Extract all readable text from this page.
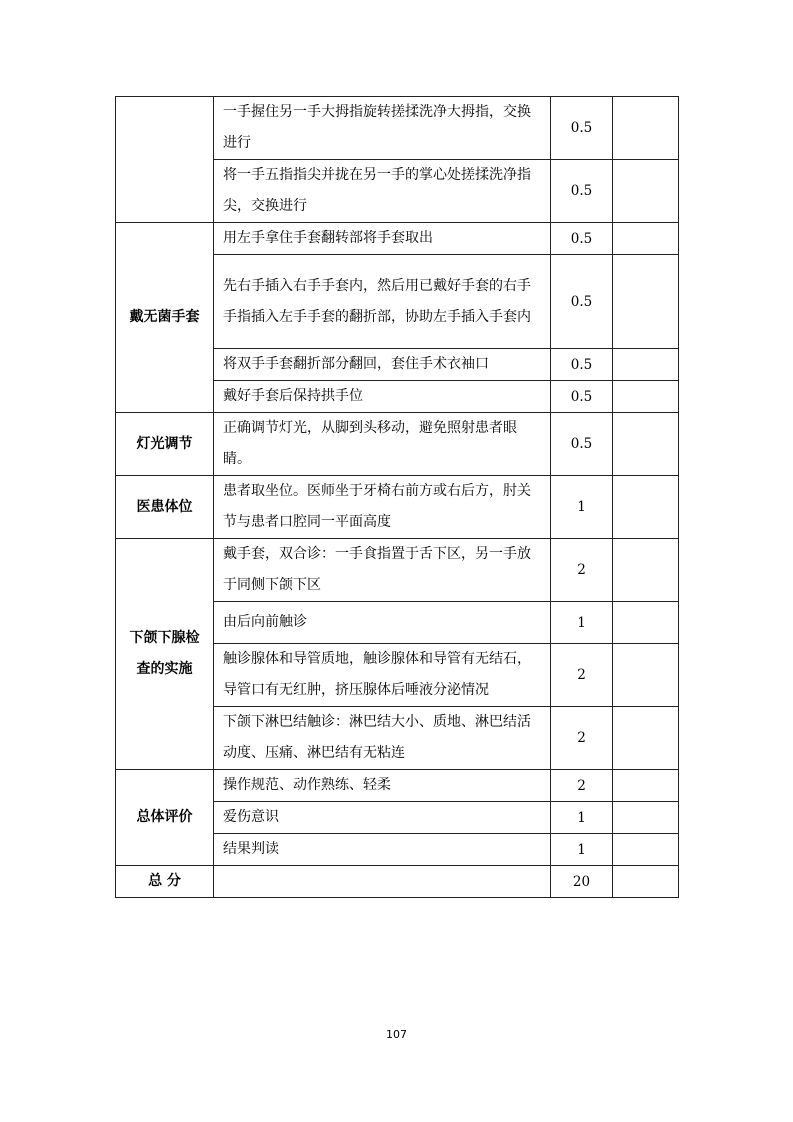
	一手握住另一手大拇指旋转搓揉洗净大拇指，交换进行	0.5	
	将一手五指指尖并拢在另一手的掌心处搓揉洗净指尖，交换进行	0.5	
戴无菌手套	用左手拿住手套翻转部将手套取出	0.5	
	先右手插入右手手套内，然后用已戴好手套的右手手指插入左手手套的翻折部，协助左手插入手套内	0.5	
	将双手手套翻折部分翻回，套住手术衣袖口	0.5	
	戴好手套后保持拱手位	0.5	
灯光调节	正确调节灯光，从脚到头移动，避免照射患者眼睛。	0.5	
医患体位	患者取坐位。医师坐于牙椅右前方或右后方，肘关节与患者口腔同一平面高度	1	
下颌下腺检查的实施	戴手套，双合诊：一手食指置于舌下区，另一手放于同侧下颌下区	2	
	由后向前触诊	1	
	触诊腺体和导管质地，触诊腺体和导管有无结石，导管口有无红肿，挤压腺体后唾液分泌情况	2	
	下颌下淋巴结触诊：淋巴结大小、质地、淋巴结活动度、压痛、淋巴结有无粘连	2	
总体评价	操作规范、动作熟练、轻柔	2	
	爱伤意识	1	
	结果判读	1	
总 分		20	
107
